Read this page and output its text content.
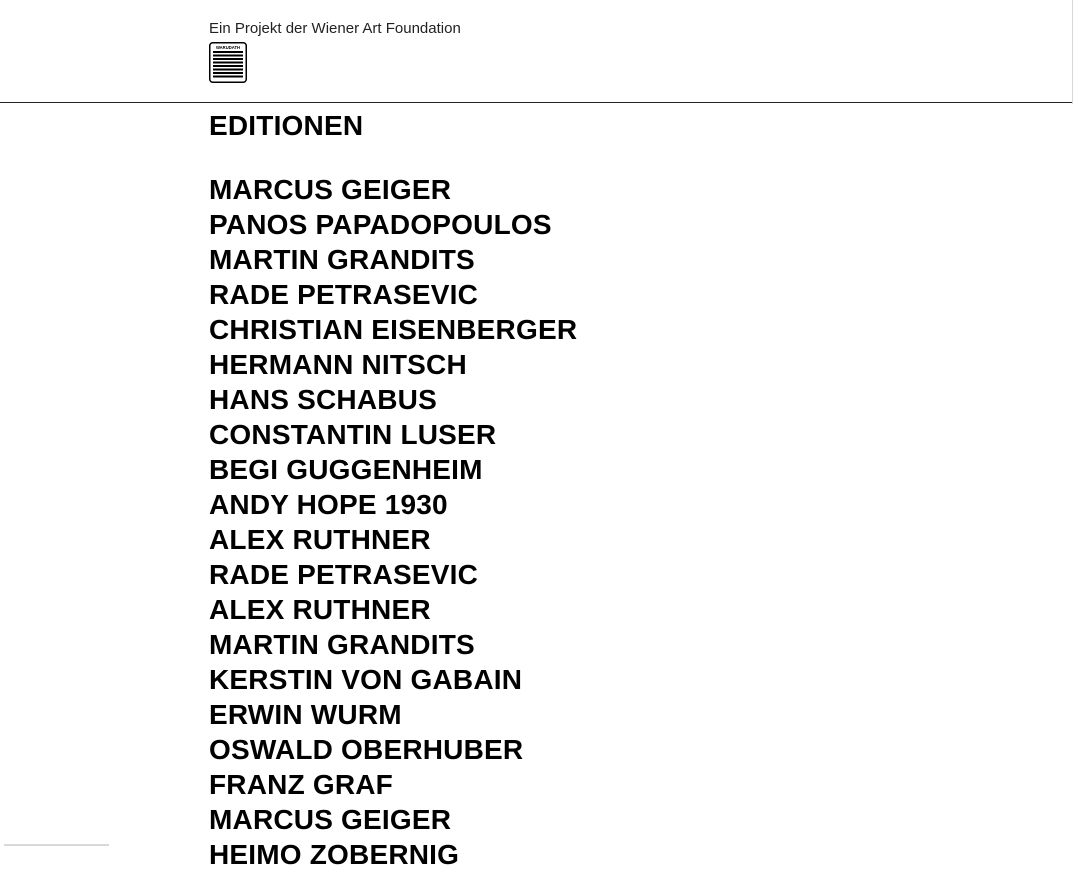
Ein Projekt der Wiener Art Foundation
WARUDATH
EDITIONEN
MARCUS GEIGER
PANOS PAPADOPOULOS
MARTIN GRANDITS
RADE PETRASEVIC
CHRISTIAN EISENBERGER
HERMANN NITSCH
HANS SCHABUS
CONSTANTIN LUSER
BEGI GUGGENHEIM
ANDY HOPE 1930
ALEX RUTHNER
RADE PETRASEVIC
ALEX RUTHNER
MARTIN GRANDITS
KERSTIN VON GABAIN
ERWIN WURM
OSWALD OBERHUBER
FRANZ GRAF
MARCUS GEIGER
HEIMO ZOBERNIG
